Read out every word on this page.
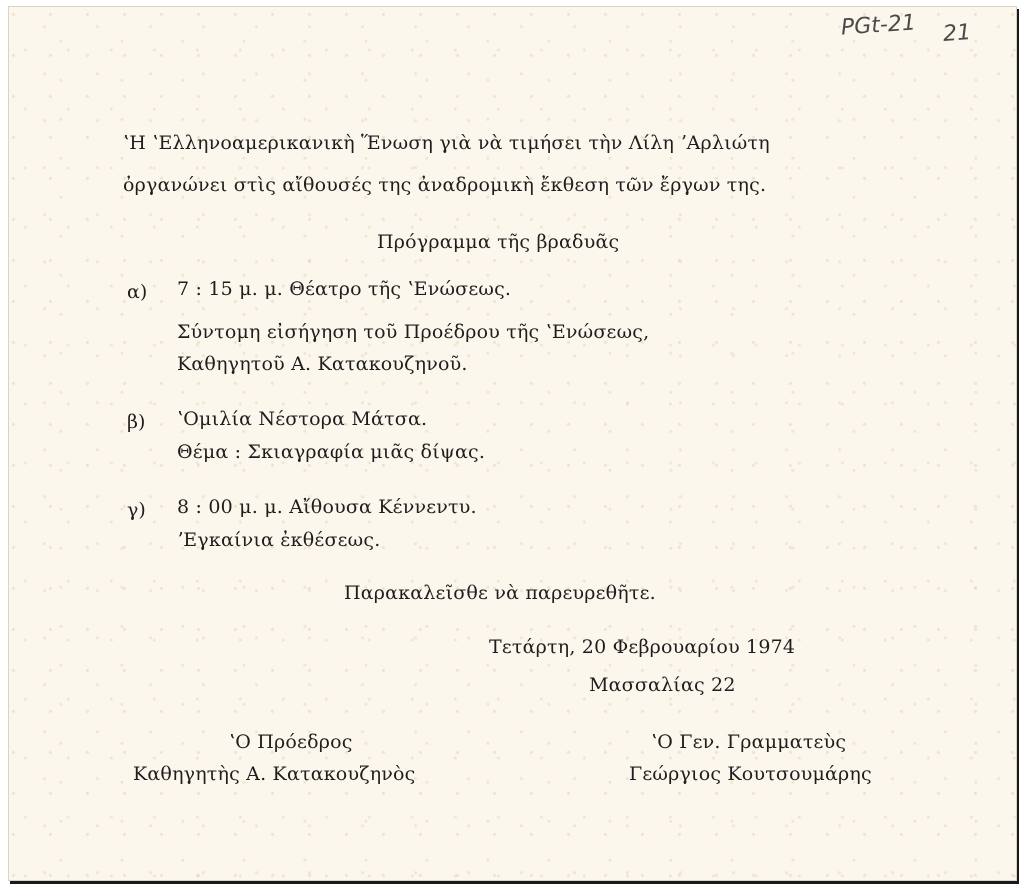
PGt-21 21
ʽΗ ʽΕλληνοαμερικανικὴ Ἕνωση γιὰ νὰ τιμήσει τὴν Λίλη ʼΑρλιώτη
ὀργανώνει στὶς αἴθουσές της ἀναδρομικὴ ἔκθεση τῶν ἔργων της.
Πρόγραμμα τῆς βραδυᾶς
α) 7 : 15 μ. μ. Θέατρο τῆς ʽΕνώσεως.
Σύντομη εἰσήγηση τοῦ Προέδρου τῆς ʽΕνώσεως,
Καθηγητοῦ Α. Κατακουζηνοῦ.
β) ʽΟμιλία Νέστορα Μάτσα.
Θέμα : Σκιαγραφία μιᾶς δίψας.
γ) 8 : 00 μ. μ. Αἴθουσα Κέννεντυ.
ʼΕγκαίνια ἐκθέσεως.
Παρακαλεῖσθε νὰ παρευρεθῆτε.
Τετάρτη, 20 Φεβρουαρίου 1974
Μασσαλίας 22
ʽΟ Πρόεδρος
Καθηγητὴς Α. Κατακουζηνὸς
ʽΟ Γεν. Γραμματεὺς
Γεώργιος Κουτσουμάρης
